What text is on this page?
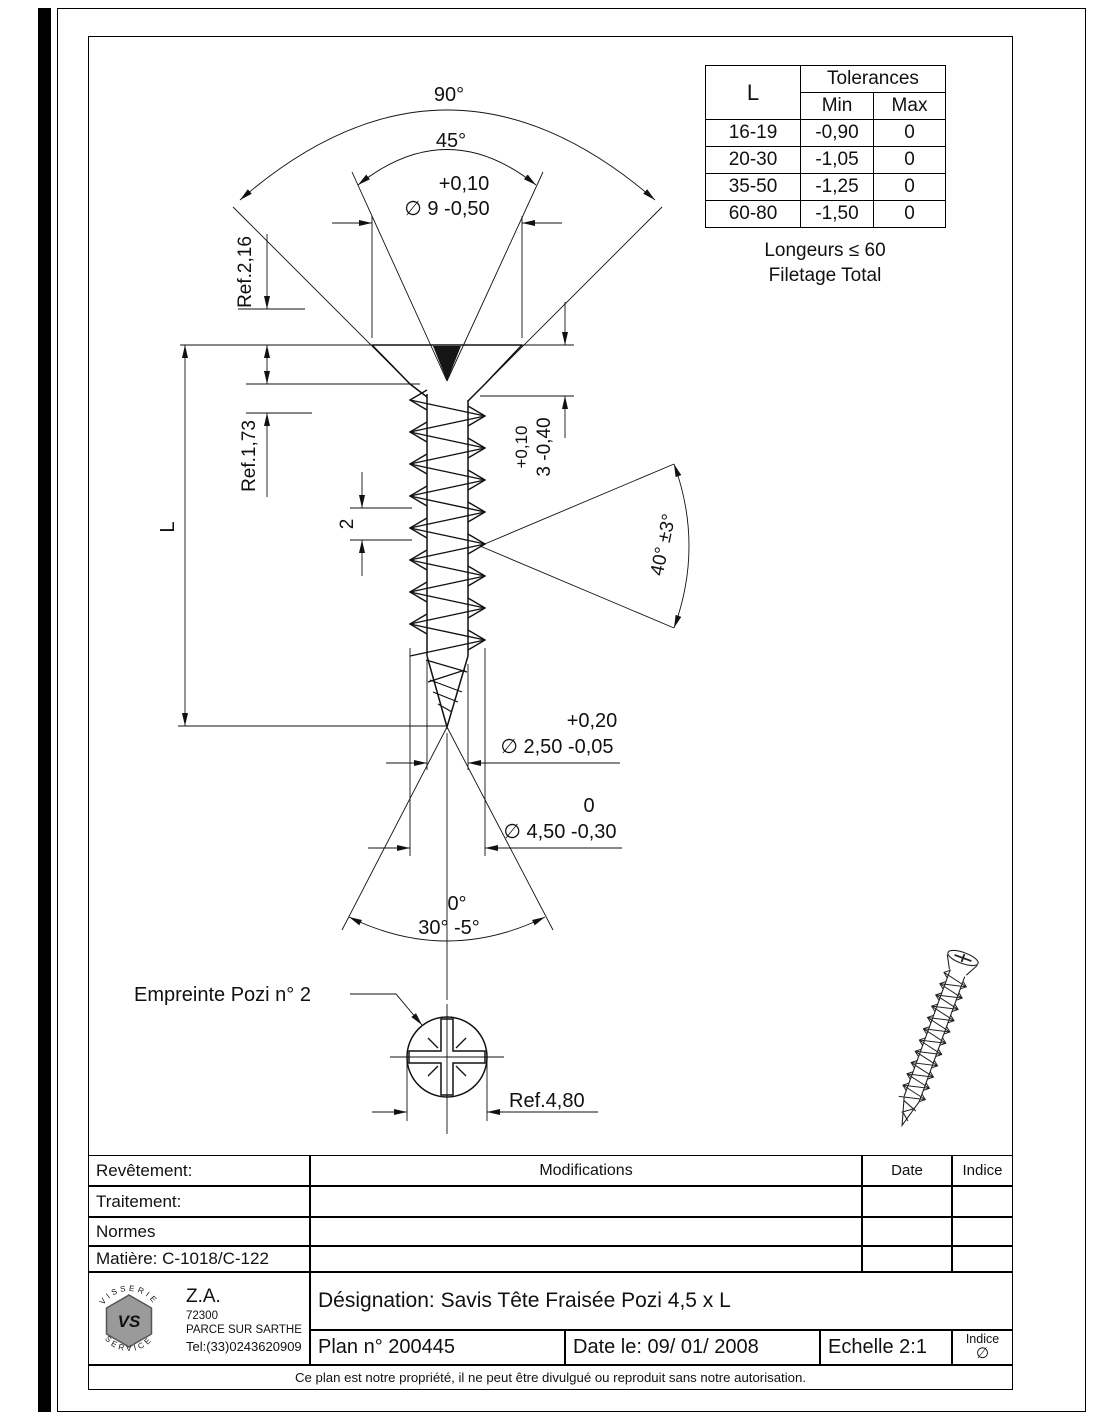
90°
45°
+0,10
∅ 9 -0,50
Ref.2,16
Ref.1,73
L	2
+0,10 3 -0,40
40° ±3°
+0,20
∅ 2,50 -0,05
0
∅ 4,50 -0,30
0°
30° -5°
Empreinte Pozi n° 2
Ref.4,80
L	Tolerances	
	Min	Max
16-19	-0,90	0
20-30	-1,05	0
35-50	-1,25	0
60-80	-1,50	0
Longeurs ≤ 60
Filetage Total
Revêtement:
Traitement:
Normes
Matière: C-1018/C-122
Modifications	Date	Indice
Désignation: Savis Tête Fraisée Pozi 4,5 x L
Plan n° 200445	Date le: 09/ 01/ 2008	Echelle 2:1	Indice
∅
Ce plan est notre propriété, il ne peut être divulgué ou reproduit sans notre autorisation.
VS
VISSERIE
SERVICE
Z.A.
72300
PARCE SUR SARTHE
Tel:(33)0243620909
